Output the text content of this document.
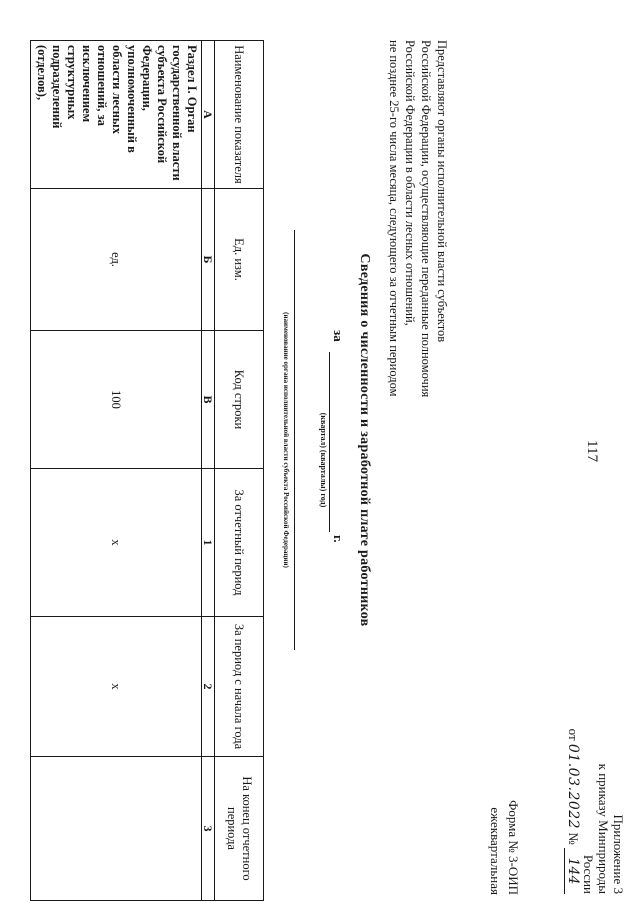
117
Приложение 3
к приказу Минприроды России
от 01.03.2022 № 144
Форма № 3-ОИП
ежеквартальная
Представляют органы исполнительной власти субъектов
Российской Федерации, осуществляющие переданные полномочия
Российской Федерации в области лесных отношений,
не позднее 25-го числа месяца, следующего за отчетным периодом
Сведения о численности и заработной плате работников
за
г.
(квартал) (кварталы) год)
(наименование органа исполнительной власти субъекта Российской Федерации)
Наименование показателя	Ед. изм.	Код строки	За отчетный период	За период с начала года	На конец отчетного периода
А	Б	В	1	2	3
Раздел I. Орган государственной власти субъекта Российской Федерации, уполномоченный в области лесных отношений, за исключением структурных подразделений (отделов),	ед.	100	х	х	
